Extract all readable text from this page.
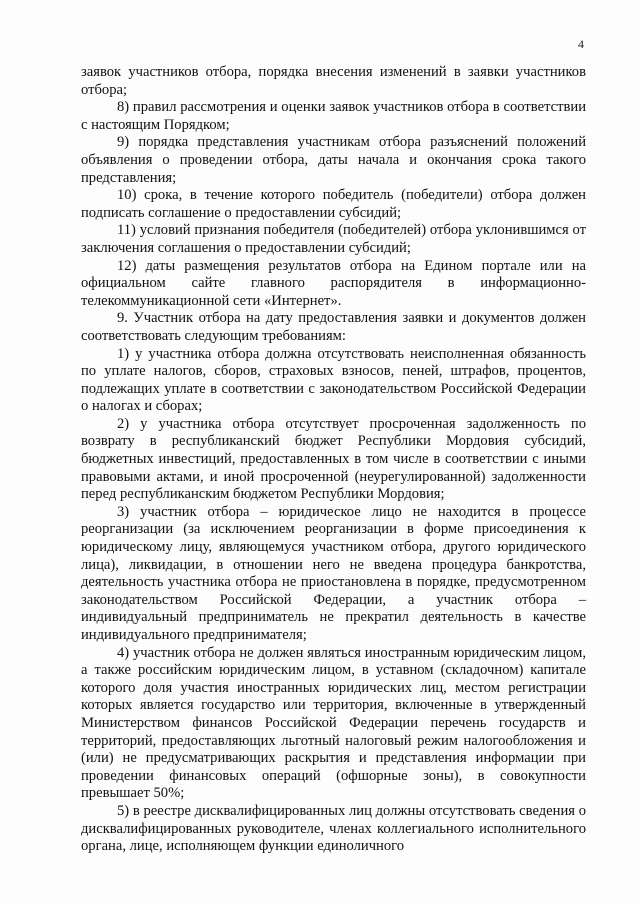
4

заявок участников отбора, порядка внесения изменений в заявки участников отбора;

8) правил рассмотрения и оценки заявок участников отбора в соответствии с настоящим Порядком;

9) порядка представления участникам отбора разъяснений положений объявления о проведении отбора, даты начала и окончания срока такого представления;

10) срока, в течение которого победитель (победители) отбора должен подписать соглашение о предоставлении субсидий;

11) условий признания победителя (победителей) отбора уклонившимся от заключения соглашения о предоставлении субсидий;

12) даты размещения результатов отбора на Едином портале или на официальном сайте главного распорядителя в информационно-телекоммуникационной сети «Интернет».

9. Участник отбора на дату предоставления заявки и документов должен соответствовать следующим требованиям:

1) у участника отбора должна отсутствовать неисполненная обязанность по уплате налогов, сборов, страховых взносов, пеней, штрафов, процентов, подлежащих уплате в соответствии с законодательством Российской Федерации о налогах и сборах;

2) у участника отбора отсутствует просроченная задолженность по возврату в республиканский бюджет Республики Мордовия субсидий, бюджетных инвестиций, предоставленных в том числе в соответствии с иными правовыми актами, и иной просроченной (неурегулированной) задолженности перед республиканским бюджетом Республики Мордовия;

3) участник отбора – юридическое лицо не находится в процессе реорганизации (за исключением реорганизации в форме присоединения к юридическому лицу, являющемуся участником отбора, другого юридического лица), ликвидации, в отношении него не введена процедура банкротства, деятельность участника отбора не приостановлена в порядке, предусмотренном законодательством Российской Федерации, а участник отбора – индивидуальный предприниматель не прекратил деятельность в качестве индивидуального предпринимателя;

4) участник отбора не должен являться иностранным юридическим лицом, а также российским юридическим лицом, в уставном (складочном) капитале которого доля участия иностранных юридических лиц, местом регистрации которых является государство или территория, включенные в утвержденный Министерством финансов Российской Федерации перечень государств и территорий, предоставляющих льготный налоговый режим налогообложения и (или) не предусматривающих раскрытия и представления информации при проведении финансовых операций (офшорные зоны), в совокупности превышает 50%;

5) в реестре дисквалифицированных лиц должны отсутствовать сведения о дисквалифицированных руководителе, членах коллегиального исполнительного органа, лице, исполняющем функции единоличного
